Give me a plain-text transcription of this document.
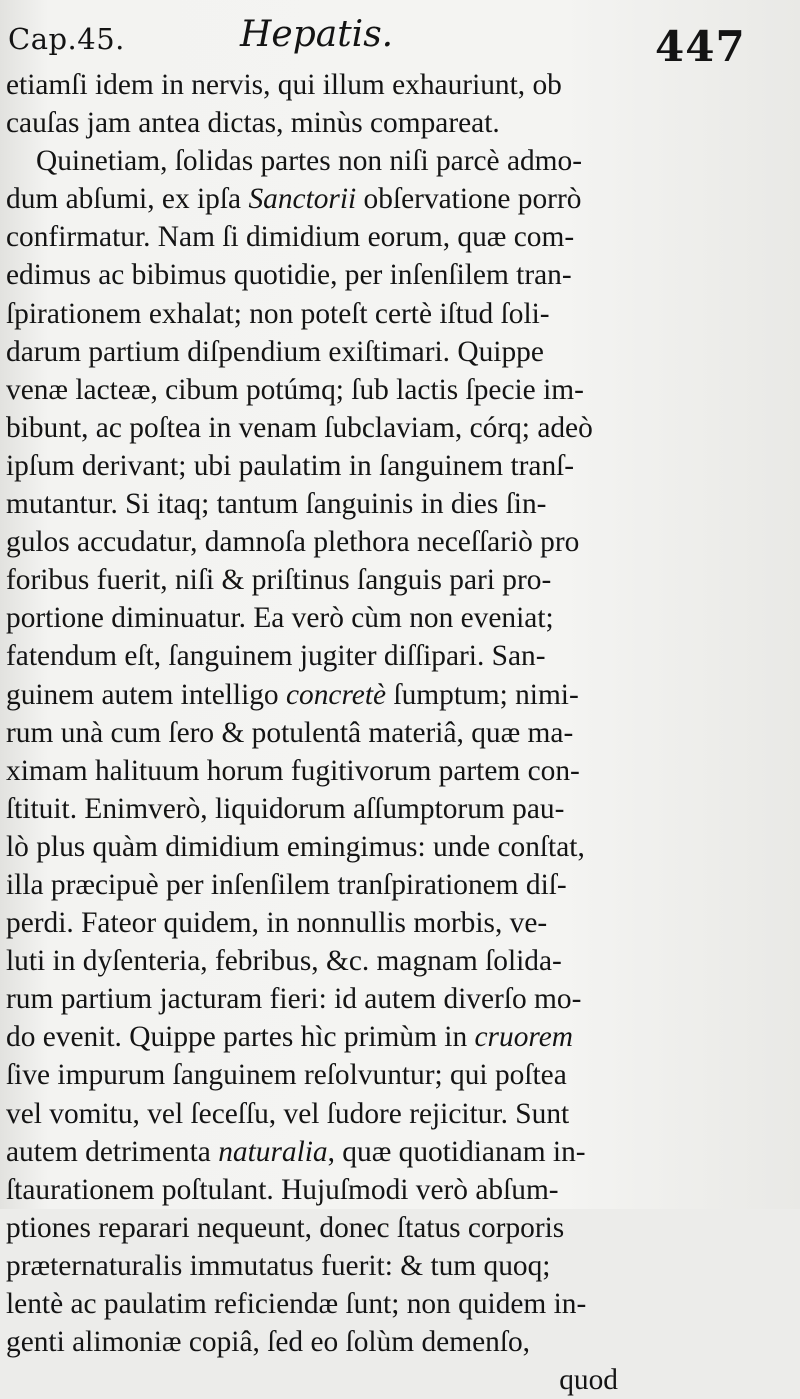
Cap.45.	Hepatis.	447
etiamſi idem in nervis, qui illum exhauriunt, ob
cauſas jam antea dictas, minùs compareat.
Quinetiam, ſolidas partes non niſi parcè admo-
dum abſumi, ex ipſa Sanctorii obſervatione porrò
confirmatur. Nam ſi dimidium eorum, quæ com-
edimus ac bibimus quotidie, per inſenſilem tran-
ſpirationem exhalat; non poteſt certè iſtud ſoli-
darum partium diſpendium exiſtimari. Quippe
venæ lacteæ, cibum potúmq; ſub lactis ſpecie im-
bibunt, ac poſtea in venam ſubclaviam, córq; adeò
ipſum derivant; ubi paulatim in ſanguinem tranſ-
mutantur. Si itaq; tantum ſanguinis in dies ſin-
gulos accudatur, damnoſa plethora neceſſariò pro
foribus fuerit, niſi & priſtinus ſanguis pari pro-
portione diminuatur. Ea verò cùm non eveniat;
fatendum eſt, ſanguinem jugiter diſſipari. San-
guinem autem intelligo concretè ſumptum; nimi-
rum unà cum ſero & potulentâ materiâ, quæ ma-
ximam halituum horum fugitivorum partem con-
ſtituit. Enimverò, liquidorum aſſumptorum pau-
lò plus quàm dimidium emingimus: unde conſtat,
illa præcipuè per inſenſilem tranſpirationem diſ-
perdi. Fateor quidem, in nonnullis morbis, ve-
luti in dyſenteria, febribus, &c. magnam ſolida-
rum partium jacturam fieri: id autem diverſo mo-
do evenit. Quippe partes hìc primùm in cruorem
ſive impurum ſanguinem reſolvuntur; qui poſtea
vel vomitu, vel ſeceſſu, vel ſudore rejicitur. Sunt
autem detrimenta naturalia, quæ quotidianam in-
ſtaurationem poſtulant. Hujuſmodi verò abſum-
ptiones reparari nequeunt, donec ſtatus corporis
præternaturalis immutatus fuerit: & tum quoq;
lentè ac paulatim reficiendæ ſunt; non quidem in-
genti alimoniæ copiâ, ſed eo ſolùm demenſo,
quod
